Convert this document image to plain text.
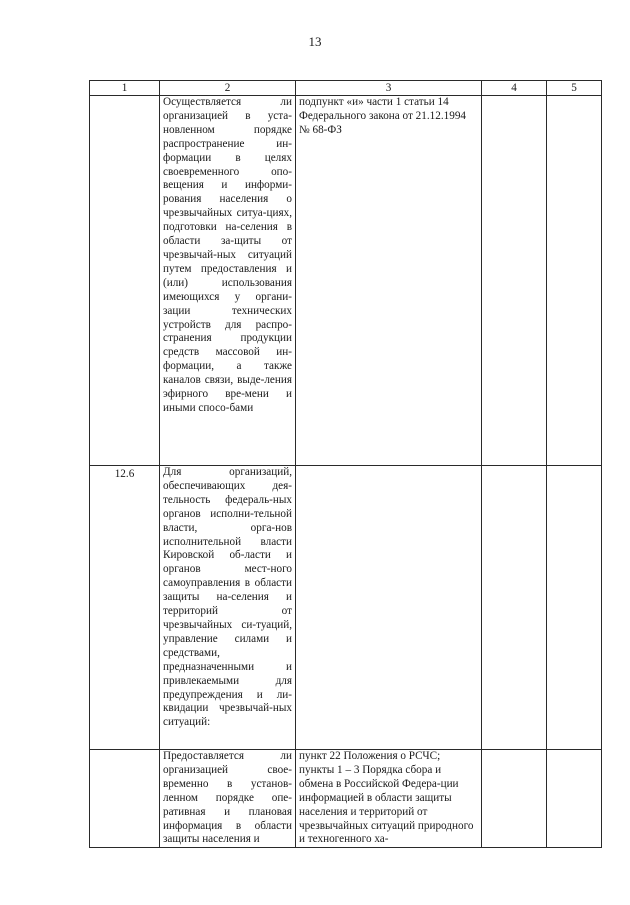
13
1	2	3	4	5
	Осуществляется ли организацией в уста-новленном порядке распространение ин-формации в целях своевременного опо-вещения и информи-рования населения о чрезвычайных ситуа-циях, подготовки на-селения в области за-щиты от чрезвычай-ных ситуаций путем предоставления и (или) использования имеющихся у органи-зации технических устройств для распро-странения продукции средств массовой ин-формации, а также каналов связи, выде-ления эфирного вре-мени и иными спосо-бами	подпункт «и» части 1 статьи 14 Федерального закона от 21.12.1994 № 68-ФЗ		
12.6	Для организаций, обеспечивающих дея-тельность федераль-ных органов исполни-тельной власти, орга-нов исполнительной власти Кировской об-ласти и органов мест-ного самоуправления в области защиты на-селения и территорий от чрезвычайных си-туаций, управление силами и средствами, предназначенными и привлекаемыми для предупреждения и ли-квидации чрезвычай-ных ситуаций:			
	Предоставляется ли организацией свое-временно в установ-ленном порядке опе-ративная и плановая информация в области защиты населения и	пункт 22 Положения о РСЧС; пункты 1 – 3 Порядка сбора и обмена в Российской Федера-ции информацией в области защиты населения и территорий от чрезвычайных ситуаций природного и техногенного ха-		
